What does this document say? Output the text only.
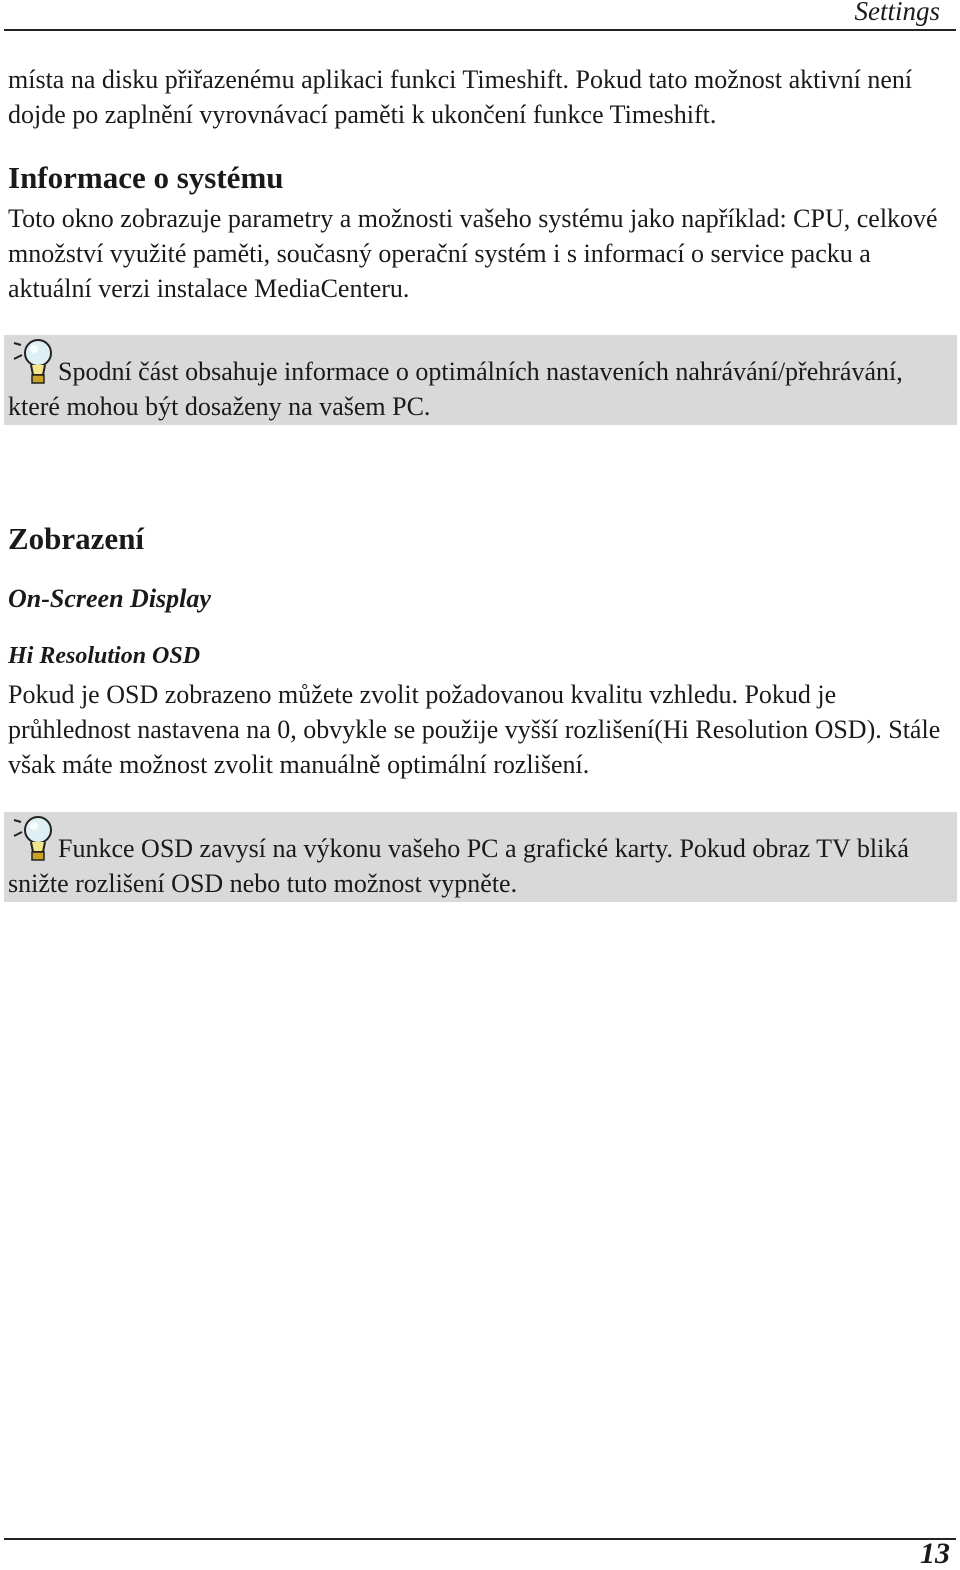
Settings

místa na disku přiřazenému aplikaci funkci Timeshift. Pokud tato možnost aktivní není dojde po zaplnění vyrovnávací paměti k ukončení funkce Timeshift.

Informace o systému

Toto okno zobrazuje parametry a možnosti vašeho systému jako například: CPU, celkové množství využité paměti, současný operační systém i s informací o service packu a aktuální verzi instalace MediaCenteru.

Spodní část obsahuje informace o optimálních nastaveních nahrávání/přehrávání, které mohou být dosaženy na vašem PC.

Zobrazení
On-Screen Display
Hi Resolution OSD

Pokud je OSD zobrazeno můžete zvolit požadovanou kvalitu vzhledu. Pokud je průhlednost nastavena na 0, obvykle se použije vyšší rozlišení(Hi Resolution OSD). Stále však máte možnost zvolit manuálně optimální rozlišení.

Funkce OSD zavysí na výkonu vašeho PC a grafické karty. Pokud obraz TV bliká snižte rozlišení OSD nebo tuto možnost vypněte.

13
